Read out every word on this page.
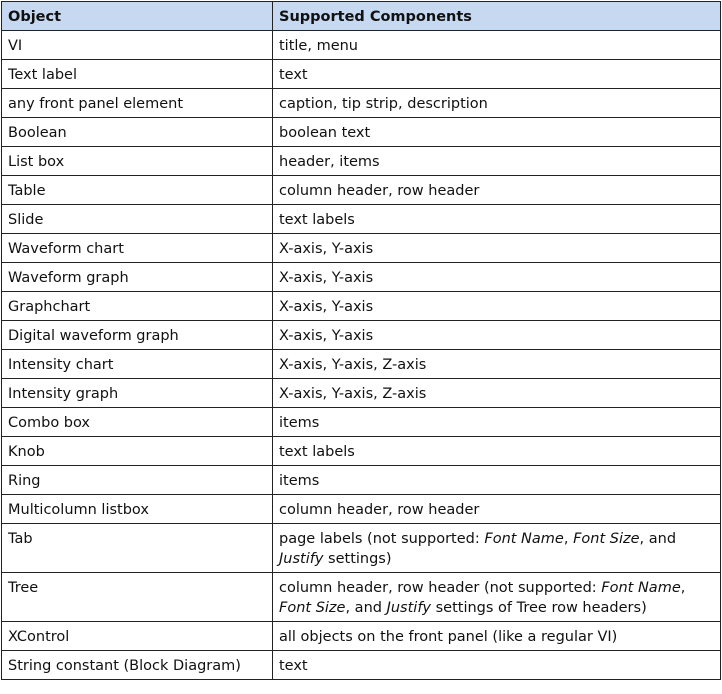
Object	Supported Components
VI	title, menu
Text label	text
any front panel element	caption, tip strip, description
Boolean	boolean text
List box	header, items
Table	column header, row header
Slide	text labels
Waveform chart	X-axis, Y-axis
Waveform graph	X-axis, Y-axis
Graphchart	X-axis, Y-axis
Digital waveform graph	X-axis, Y-axis
Intensity chart	X-axis, Y-axis, Z-axis
Intensity graph	X-axis, Y-axis, Z-axis
Combo box	items
Knob	text labels
Ring	items
Multicolumn listbox	column header, row header
Tab	page labels (not supported: Font Name, Font Size, and Justify settings)
Tree	column header, row header (not supported: Font Name, Font Size, and Justify settings of Tree row headers)
XControl	all objects on the front panel (like a regular VI)
String constant (Block Diagram)	text
